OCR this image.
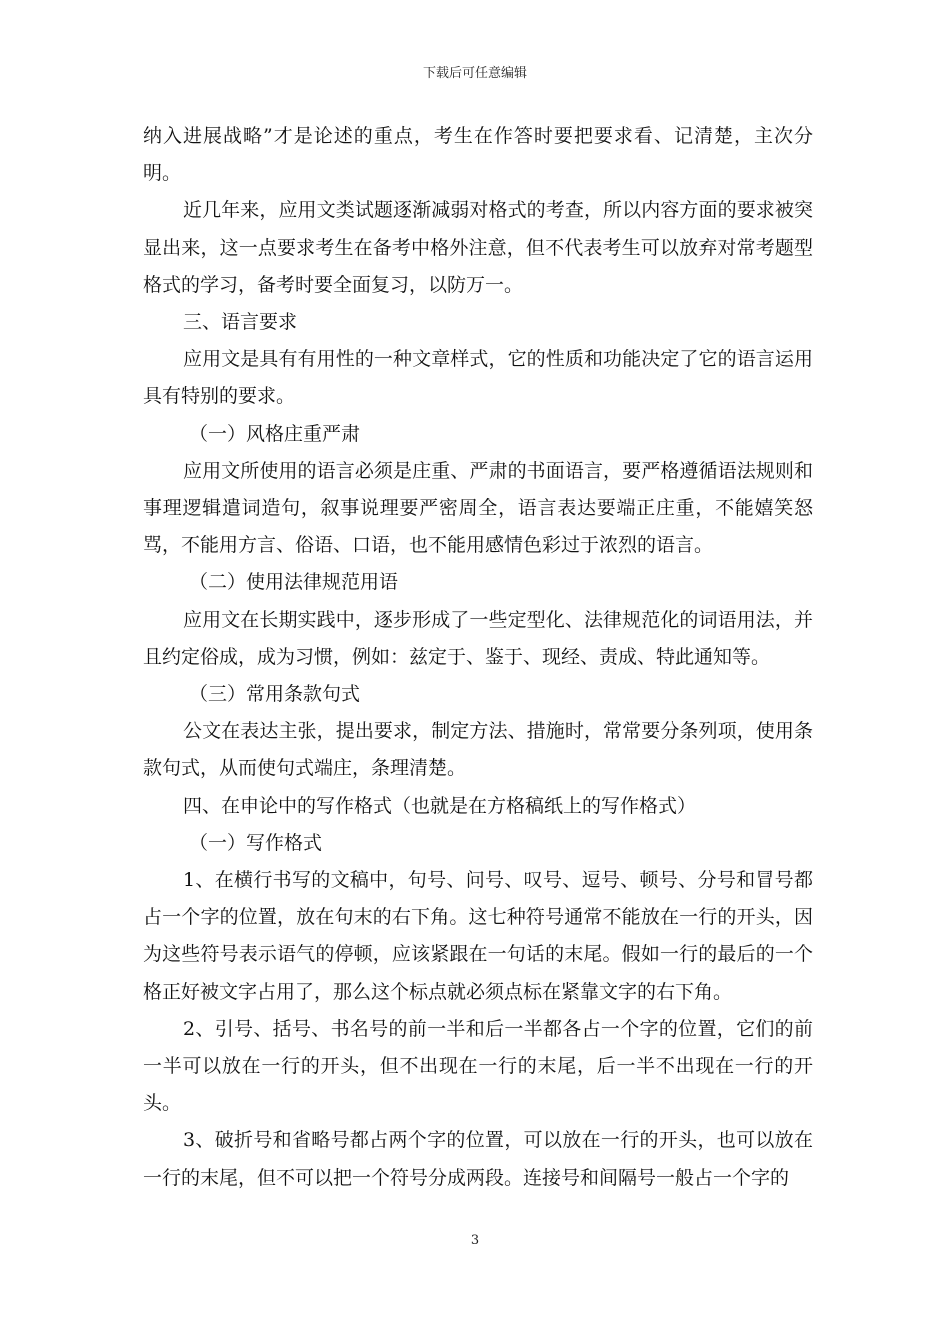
下载后可任意编辑

纳入进展战略”才是论述的重点，考生在作答时要把要求看、记清楚，主次分明。

近几年来，应用文类试题逐渐减弱对格式的考查，所以内容方面的要求被突显出来，这一点要求考生在备考中格外注意，但不代表考生可以放弃对常考题型格式的学习，备考时要全面复习，以防万一。

三、语言要求

应用文是具有有用性的一种文章样式，它的性质和功能决定了它的语言运用具有特别的要求。

（一）风格庄重严肃

应用文所使用的语言必须是庄重、严肃的书面语言，要严格遵循语法规则和事理逻辑遣词造句，叙事说理要严密周全，语言表达要端正庄重，不能嬉笑怒骂，不能用方言、俗语、口语，也不能用感情色彩过于浓烈的语言。

（二）使用法律规范用语

应用文在长期实践中，逐步形成了一些定型化、法律规范化的词语用法，并且约定俗成，成为习惯，例如：兹定于、鉴于、现经、责成、特此通知等。

（三）常用条款句式

公文在表达主张，提出要求，制定方法、措施时，常常要分条列项，使用条款句式，从而使句式端庄，条理清楚。

四、在申论中的写作格式（也就是在方格稿纸上的写作格式）

（一）写作格式

1、在横行书写的文稿中，句号、问号、叹号、逗号、顿号、分号和冒号都占一个字的位置，放在句末的右下角。这七种符号通常不能放在一行的开头，因为这些符号表示语气的停顿，应该紧跟在一句话的末尾。假如一行的最后的一个格正好被文字占用了，那么这个标点就必须点标在紧靠文字的右下角。

2、引号、括号、书名号的前一半和后一半都各占一个字的位置，它们的前一半可以放在一行的开头，但不出现在一行的末尾，后一半不出现在一行的开头。

3、破折号和省略号都占两个字的位置，可以放在一行的开头，也可以放在一行的末尾，但不可以把一个符号分成两段。连接号和间隔号一般占一个字的

3
